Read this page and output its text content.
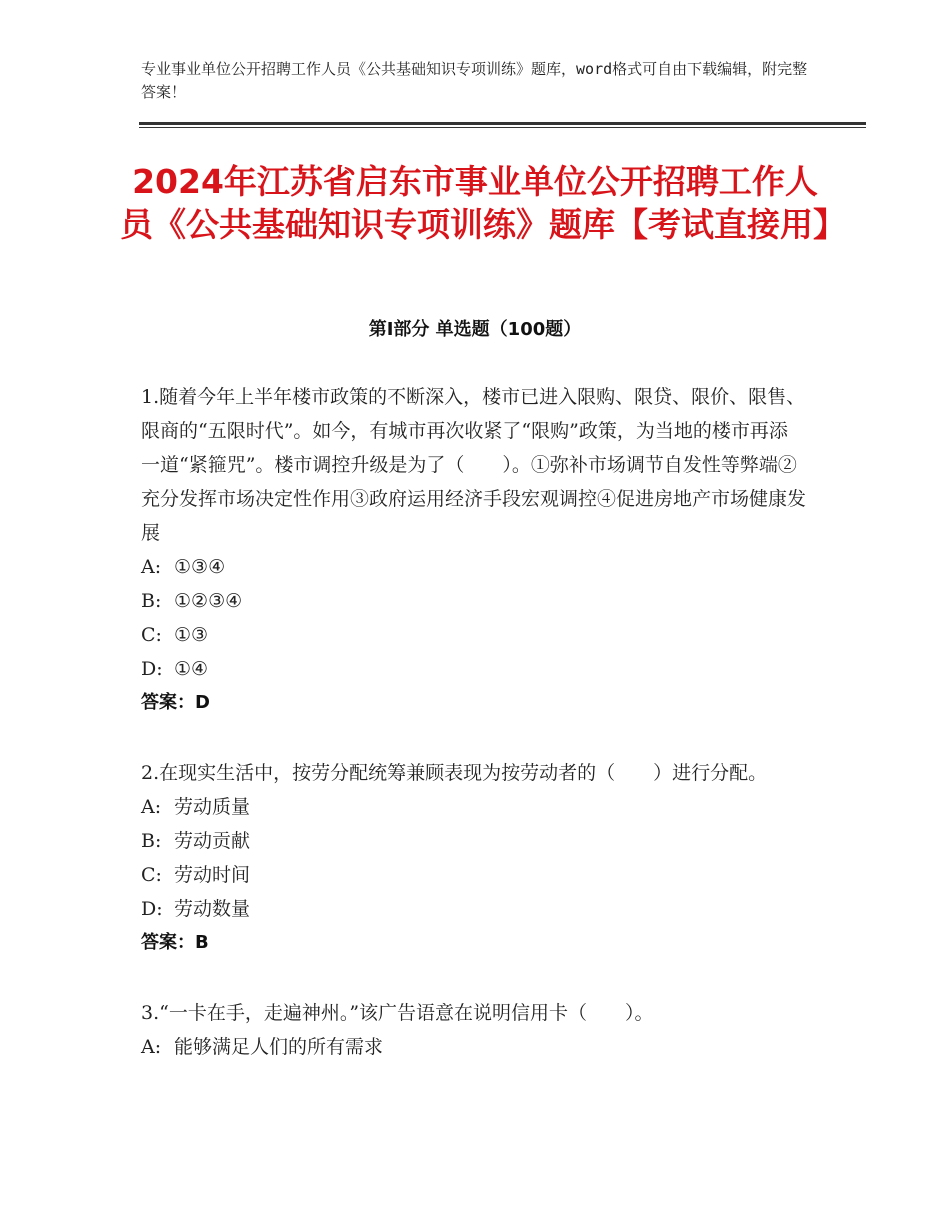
专业事业单位公开招聘工作人员《公共基础知识专项训练》题库，word格式可自由下载编辑，附完整答案！
2024年江苏省启东市事业单位公开招聘工作人员《公共基础知识专项训练》题库【考试直接用】
第Ⅰ部分 单选题（100题）
1.随着今年上半年楼市政策的不断深入，楼市已进入限购、限贷、限价、限售、限商的“五限时代”。如今，有城市再次收紧了“限购”政策，为当地的楼市再添一道“紧箍咒”。楼市调控升级是为了（　　）。①弥补市场调节自发性等弊端②充分发挥市场决定性作用③政府运用经济手段宏观调控④促进房地产市场健康发展
A: ①③④
B: ①②③④
C: ①③
D: ①④
答案：D
2.在现实生活中，按劳分配统筹兼顾表现为按劳动者的（　　）进行分配。
A: 劳动质量
B: 劳动贡献
C: 劳动时间
D: 劳动数量
答案：B
3.“一卡在手，走遍神州。”该广告语意在说明信用卡（　　）。
A: 能够满足人们的所有需求
